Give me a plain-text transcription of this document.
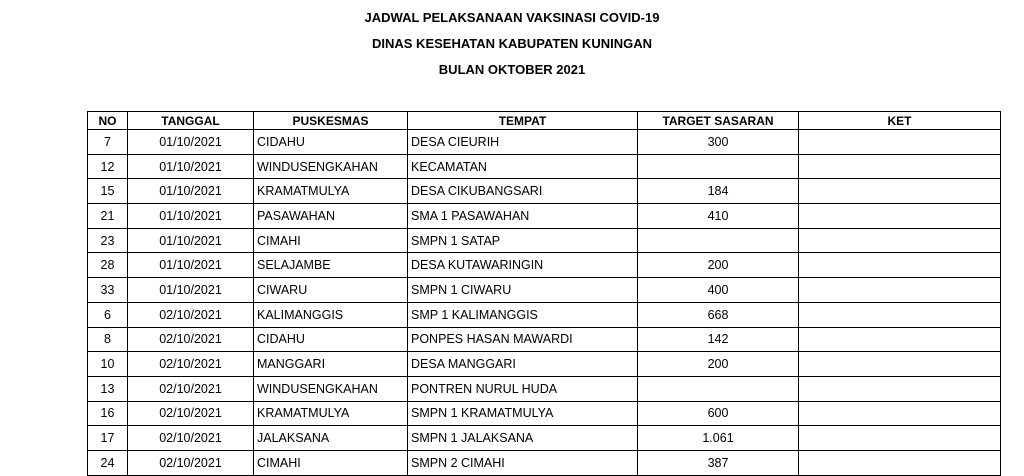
JADWAL PELAKSANAAN VAKSINASI COVID-19
DINAS KESEHATAN KABUPATEN KUNINGAN
BULAN OKTOBER 2021
NO	TANGGAL	PUSKESMAS	TEMPAT	TARGET SASARAN	KET
7	01/10/2021	CIDAHU	DESA CIEURIH	300	
12	01/10/2021	WINDUSENGKAHAN	KECAMATAN		
15	01/10/2021	KRAMATMULYA	DESA CIKUBANGSARI	184	
21	01/10/2021	PASAWAHAN	SMA 1 PASAWAHAN	410	
23	01/10/2021	CIMAHI	SMPN 1 SATAP		
28	01/10/2021	SELAJAMBE	DESA KUTAWARINGIN	200	
33	01/10/2021	CIWARU	SMPN 1 CIWARU	400	
6	02/10/2021	KALIMANGGIS	SMP 1 KALIMANGGIS	668	
8	02/10/2021	CIDAHU	PONPES HASAN MAWARDI	142	
10	02/10/2021	MANGGARI	DESA MANGGARI	200	
13	02/10/2021	WINDUSENGKAHAN	PONTREN NURUL HUDA		
16	02/10/2021	KRAMATMULYA	SMPN 1 KRAMATMULYA	600	
17	02/10/2021	JALAKSANA	SMPN 1 JALAKSANA	1.061	
24	02/10/2021	CIMAHI	SMPN 2 CIMAHI	387	
